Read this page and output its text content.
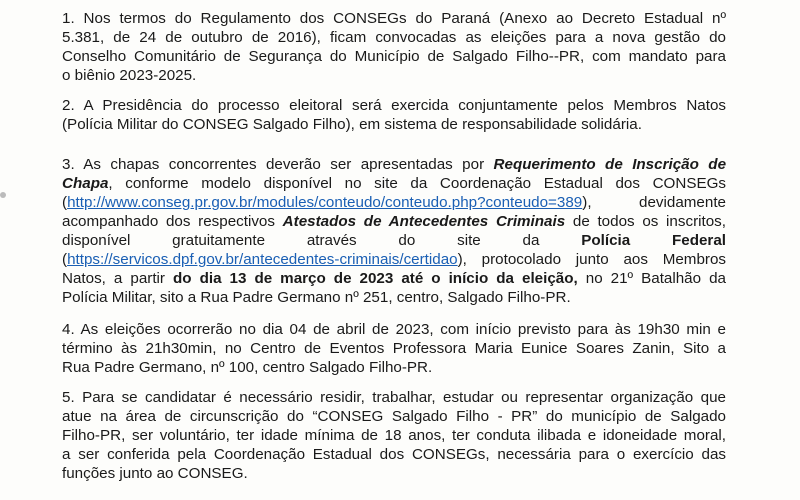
1. Nos termos do Regulamento dos CONSEGs do Paraná (Anexo ao Decreto Estadual nº
5.381, de 24 de outubro de 2016), ficam convocadas as eleições para a nova gestão do
Conselho Comunitário de Segurança do Município de Salgado Filho--PR, com mandato para
o biênio 2023-2025.
2. A Presidência do processo eleitoral será exercida conjuntamente pelos Membros Natos
(Polícia Militar do CONSEG Salgado Filho), em sistema de responsabilidade solidária.
3. As chapas concorrentes deverão ser apresentadas por Requerimento de Inscrição de
Chapa, conforme modelo disponível no site da Coordenação Estadual dos CONSEGs
(http://www.conseg.pr.gov.br/modules/conteudo/conteudo.php?conteudo=389), devidamente
acompanhado dos respectivos Atestados de Antecedentes Criminais de todos os inscritos,
disponível gratuitamente através do site da Polícia Federal
(https://servicos.dpf.gov.br/antecedentes-criminais/certidao), protocolado junto aos Membros
Natos, a partir do dia 13 de março de 2023 até o início da eleição, no 21º Batalhão da
Polícia Militar, sito a Rua Padre Germano nº 251, centro, Salgado Filho-PR.
4. As eleições ocorrerão no dia 04 de abril de 2023, com início previsto para às 19h30 min e
término às 21h30min, no Centro de Eventos Professora Maria Eunice Soares Zanin, Sito a
Rua Padre Germano, nº 100, centro Salgado Filho-PR.
5. Para se candidatar é necessário residir, trabalhar, estudar ou representar organização que
atue na área de circunscrição do “CONSEG Salgado Filho - PR” do município de Salgado
Filho-PR, ser voluntário, ter idade mínima de 18 anos, ter conduta ilibada e idoneidade moral,
a ser conferida pela Coordenação Estadual dos CONSEGs, necessária para o exercício das
funções junto ao CONSEG.
